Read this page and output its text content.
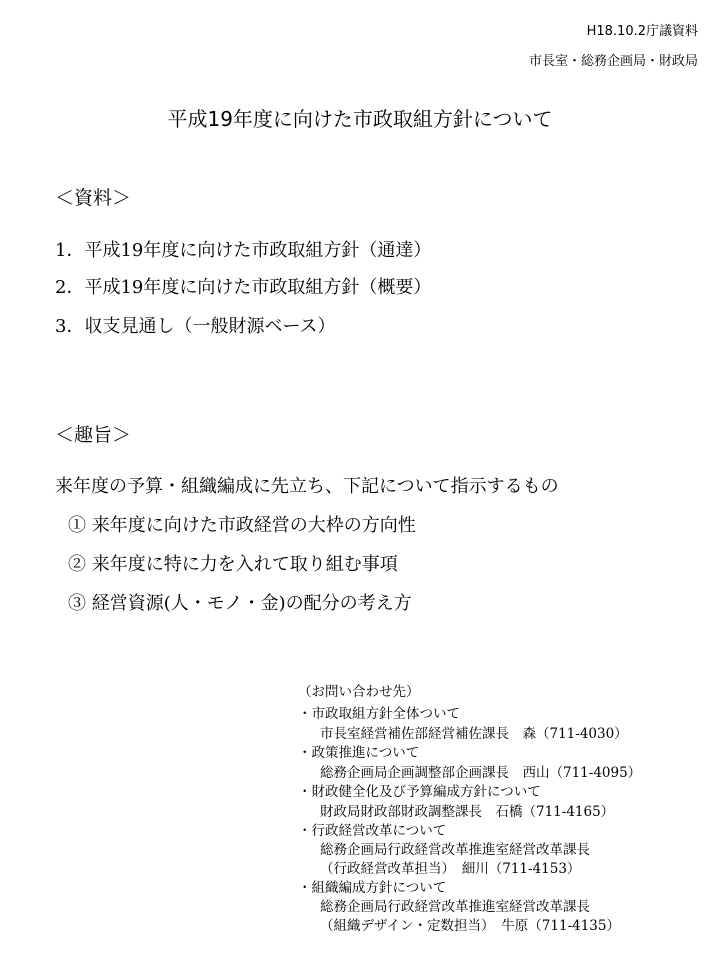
H18.10.2庁議資料
市長室・総務企画局・財政局
平成19年度に向けた市政取組方針について
＜資料＞
1．平成19年度に向けた市政取組方針（通達）
2．平成19年度に向けた市政取組方針（概要）
3．収支見通し（一般財源ベース）
＜趣旨＞
来年度の予算・組織編成に先立ち、下記について指示するもの
① 来年度に向けた市政経営の大枠の方向性
② 来年度に特に力を入れて取り組む事項
③ 経営資源(人・モノ・金)の配分の考え方
（お問い合わせ先）
・市政取組方針全体ついて
市長室経営補佐部経営補佐課長　森（711-4030）
・政策推進について
総務企画局企画調整部企画課長　西山（711-4095）
・財政健全化及び予算編成方針について
財政局財政部財政調整課長　石橋（711-4165）
・行政経営改革について
総務企画局行政経営改革推進室経営改革課長
（行政経営改革担当）　細川（711-4153）
・組織編成方針について
総務企画局行政経営改革推進室経営改革課長
（組織デザイン・定数担当）　牛原（711-4135）
